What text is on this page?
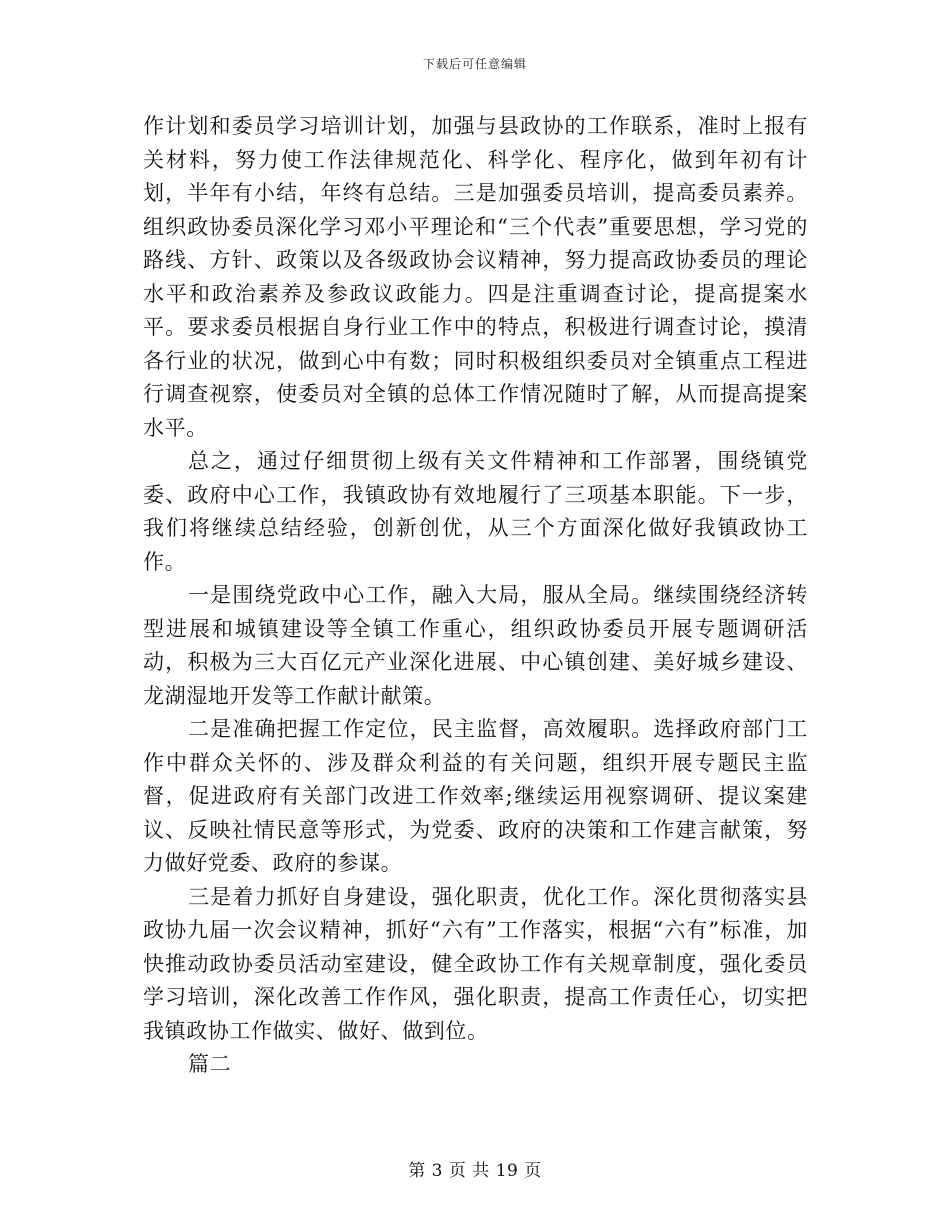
下载后可任意编辑

作计划和委员学习培训计划，加强与县政协的工作联系，准时上报有关材料，努力使工作法律规范化、科学化、程序化，做到年初有计划，半年有小结，年终有总结。三是加强委员培训，提高委员素养。组织政协委员深化学习邓小平理论和“三个代表”重要思想，学习党的路线、方针、政策以及各级政协会议精神，努力提高政协委员的理论水平和政治素养及参政议政能力。四是注重调查讨论，提高提案水平。要求委员根据自身行业工作中的特点，积极进行调查讨论，摸清各行业的状况，做到心中有数；同时积极组织委员对全镇重点工程进行调查视察，使委员对全镇的总体工作情况随时了解，从而提高提案水平。

总之，通过仔细贯彻上级有关文件精神和工作部署，围绕镇党委、政府中心工作，我镇政协有效地履行了三项基本职能。下一步，我们将继续总结经验，创新创优，从三个方面深化做好我镇政协工作。

一是围绕党政中心工作，融入大局，服从全局。继续围绕经济转型进展和城镇建设等全镇工作重心，组织政协委员开展专题调研活动，积极为三大百亿元产业深化进展、中心镇创建、美好城乡建设、龙湖湿地开发等工作献计献策。

二是准确把握工作定位，民主监督，高效履职。选择政府部门工作中群众关怀的、涉及群众利益的有关问题，组织开展专题民主监督，促进政府有关部门改进工作效率;继续运用视察调研、提议案建议、反映社情民意等形式，为党委、政府的决策和工作建言献策，努力做好党委、政府的参谋。

三是着力抓好自身建设，强化职责，优化工作。深化贯彻落实县政协九届一次会议精神，抓好“六有”工作落实，根据“六有”标准，加快推动政协委员活动室建设，健全政协工作有关规章制度，强化委员学习培训，深化改善工作作风，强化职责，提高工作责任心，切实把我镇政协工作做实、做好、做到位。

篇二

第 3 页 共 19 页
